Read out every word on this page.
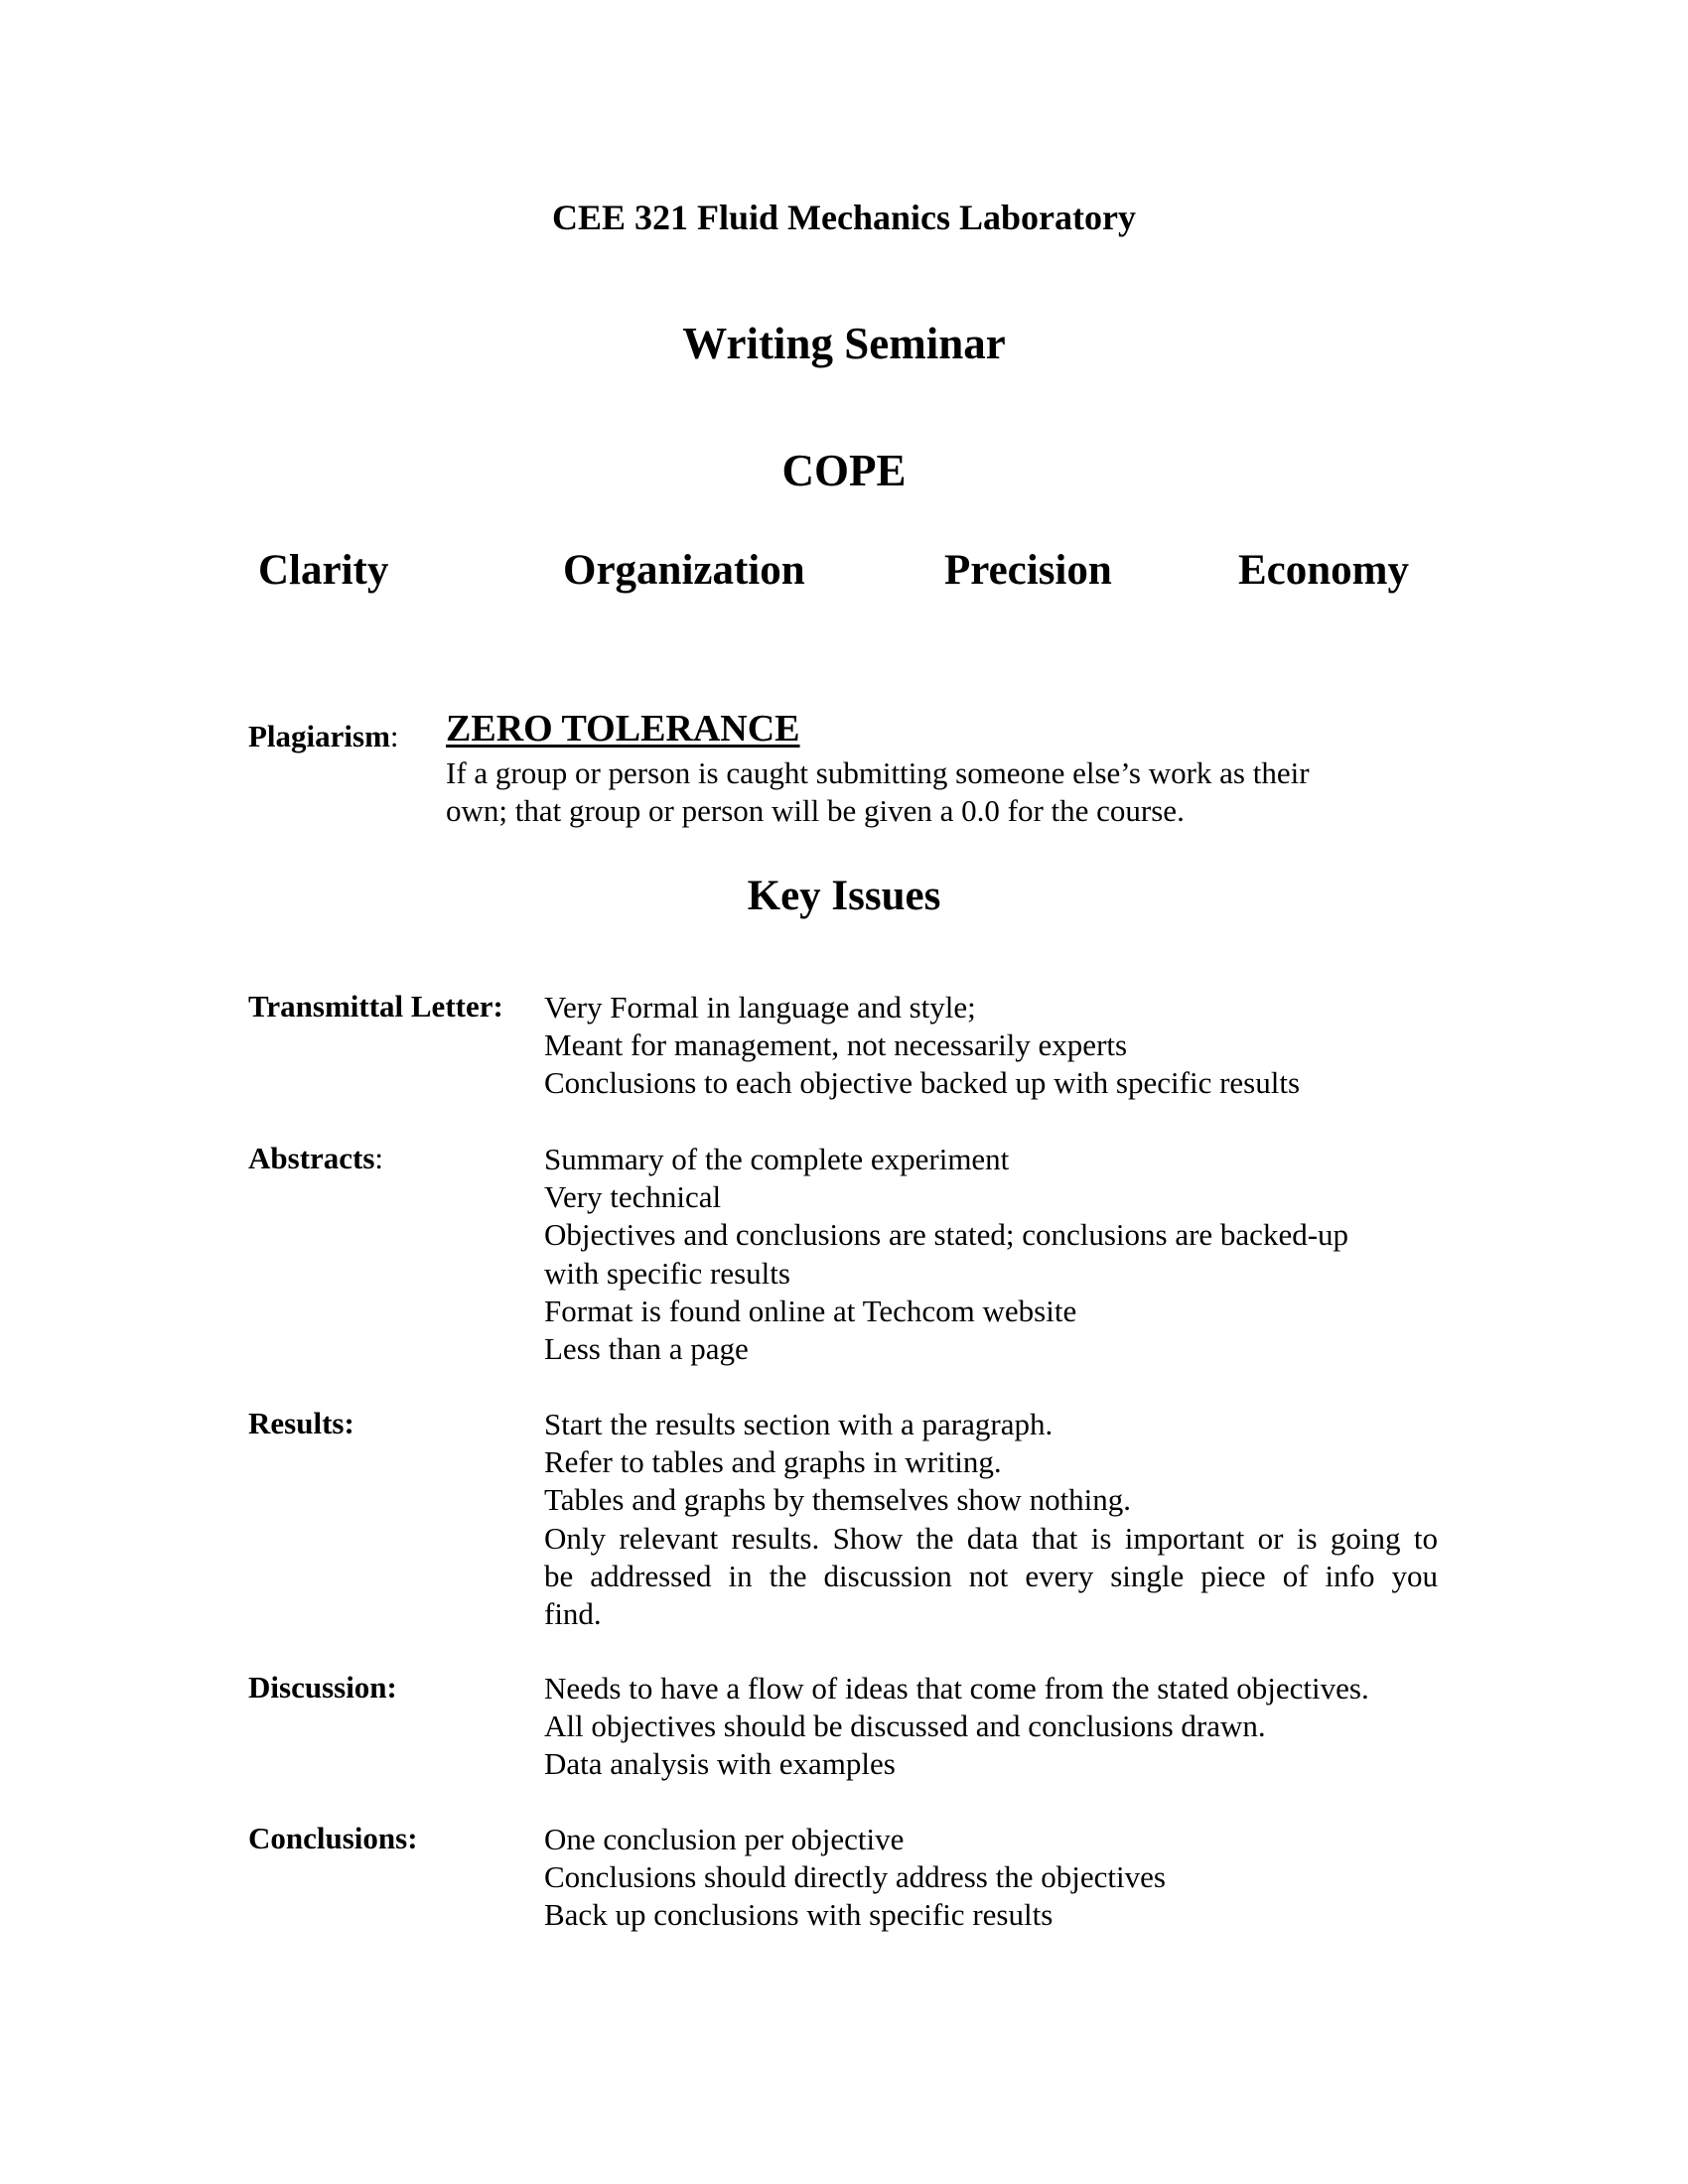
CEE 321 Fluid Mechanics Laboratory
Writing Seminar
COPE
Clarity	Organization	Precision	Economy
Plagiarism: ZERO TOLERANCE
If a group or person is caught submitting someone else’s work as their
own; that group or person will be given a 0.0 for the course.
Key Issues
Transmittal Letter: Very Formal in language and style;
Meant for management, not necessarily experts
Conclusions to each objective backed up with specific results
Abstracts:	Summary of the complete experiment
Very technical
Objectives and conclusions are stated; conclusions are backed-up
with specific results
Format is found online at Techcom website
Less than a page
Results:	Start the results section with a paragraph.
Refer to tables and graphs in writing.
Tables and graphs by themselves show nothing.
Only relevant results. Show the data that is important or is going to
be addressed in the discussion not every single piece of info you
find.
Discussion:	Needs to have a flow of ideas that come from the stated objectives.
All objectives should be discussed and conclusions drawn.
Data analysis with examples
Conclusions:	One conclusion per objective
Conclusions should directly address the objectives
Back up conclusions with specific results
